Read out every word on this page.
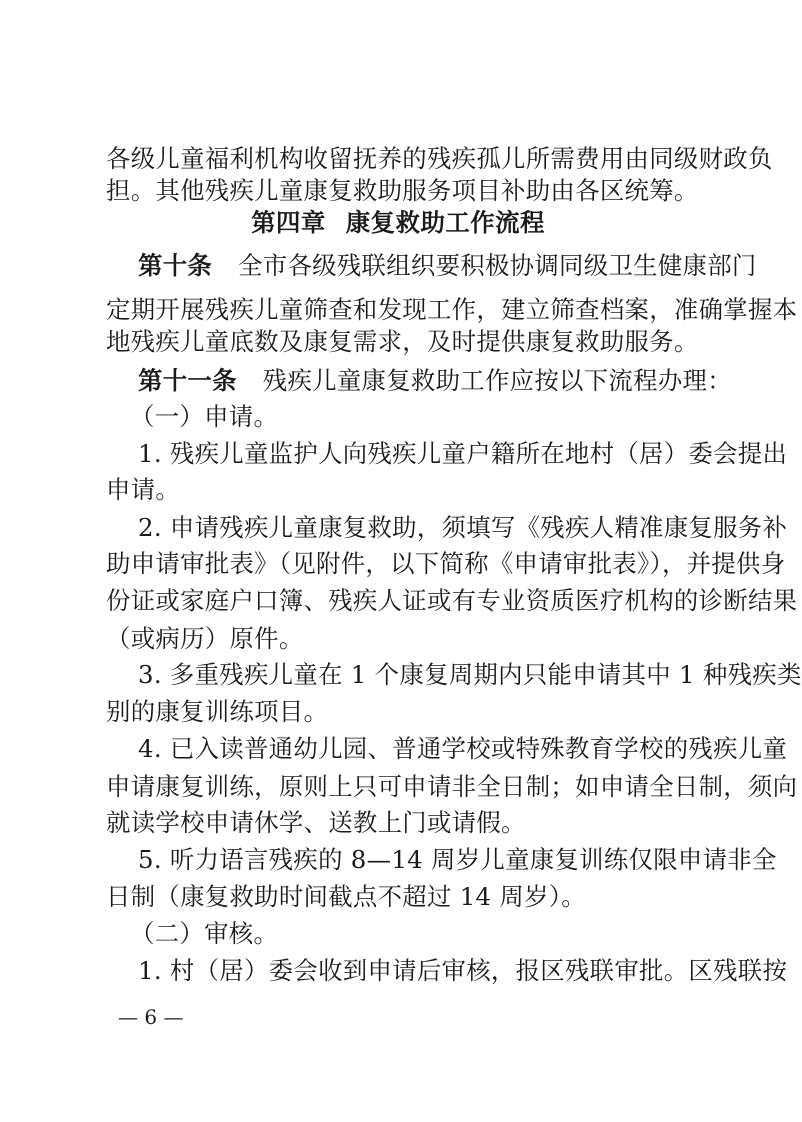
各级儿童福利机构收留抚养的残疾孤儿所需费用由同级财政负
担。其他残疾儿童康复救助服务项目补助由各区统筹。
第四章 康复救助工作流程
第十条 全市各级残联组织要积极协调同级卫生健康部门
定期开展残疾儿童筛查和发现工作，建立筛查档案，准确掌握本
地残疾儿童底数及康复需求，及时提供康复救助服务。
第十一条 残疾儿童康复救助工作应按以下流程办理：
（一）申请。
1. 残疾儿童监护人向残疾儿童户籍所在地村（居）委会提出
申请。
2. 申请残疾儿童康复救助，须填写《残疾人精准康复服务补
助申请审批表》（见附件，以下简称《申请审批表》），并提供身
份证或家庭户口簿、残疾人证或有专业资质医疗机构的诊断结果
（或病历）原件。
3. 多重残疾儿童在 1 个康复周期内只能申请其中 1 种残疾类
别的康复训练项目。
4. 已入读普通幼儿园、普通学校或特殊教育学校的残疾儿童
申请康复训练，原则上只可申请非全日制；如申请全日制，须向
就读学校申请休学、送教上门或请假。
5. 听力语言残疾的 8—14 周岁儿童康复训练仅限申请非全
日制（康复救助时间截点不超过 14 周岁）。
（二）审核。
1. 村（居）委会收到申请后审核，报区残联审批。区残联按
— 6 —
